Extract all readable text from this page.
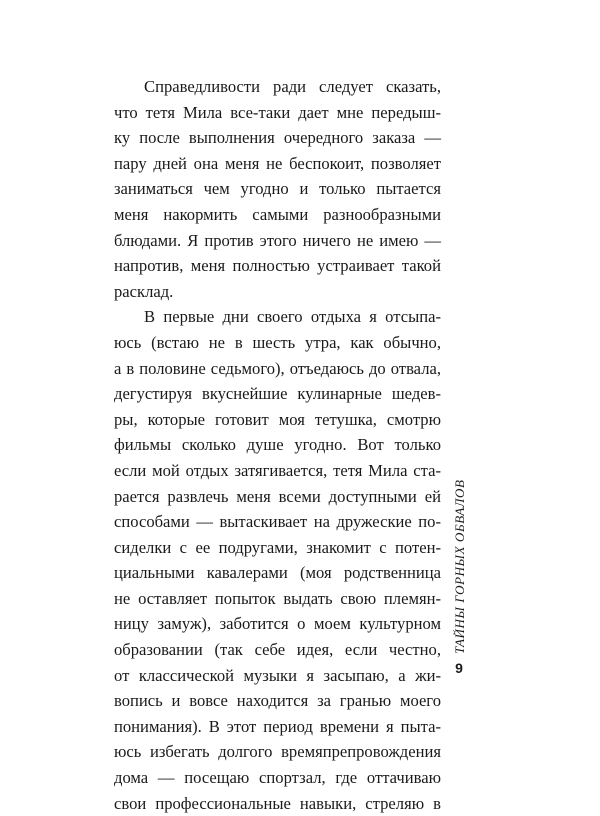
Справедливости ради следует сказать,
что тетя Мила все-таки дает мне передыш-
ку после выполнения очередного заказа —
пару дней она меня не беспокоит, позволяет
заниматься чем угодно и только пытается
меня накормить самыми разнообразными
блюдами. Я против этого ничего не имею —
напротив, меня полностью устраивает такой
расклад.
В первые дни своего отдыха я отсыпа-
юсь (встаю не в шесть утра, как обычно,
а в половине седьмого), отъедаюсь до отвала,
дегустируя вкуснейшие кулинарные шедев-
ры, которые готовит моя тетушка, смотрю
фильмы сколько душе угодно. Вот только
если мой отдых затягивается, тетя Мила ста-
рается развлечь меня всеми доступными ей
способами — вытаскивает на дружеские по-
сиделки с ее подругами, знакомит с потен-
циальными кавалерами (моя родственница
не оставляет попыток выдать свою племян-
ницу замуж), заботится о моем культурном
образовании (так себе идея, если честно,
от классической музыки я засыпаю, а жи-
вопись и вовсе находится за гранью моего
понимания). В этот период времени я пыта-
юсь избегать долгого времяпрепровождения
дома — посещаю спортзал, где оттачиваю
свои профессиональные навыки, стреляю в
ТАЙНЫ ГОРНЫХ ОБВАЛОВ
9
